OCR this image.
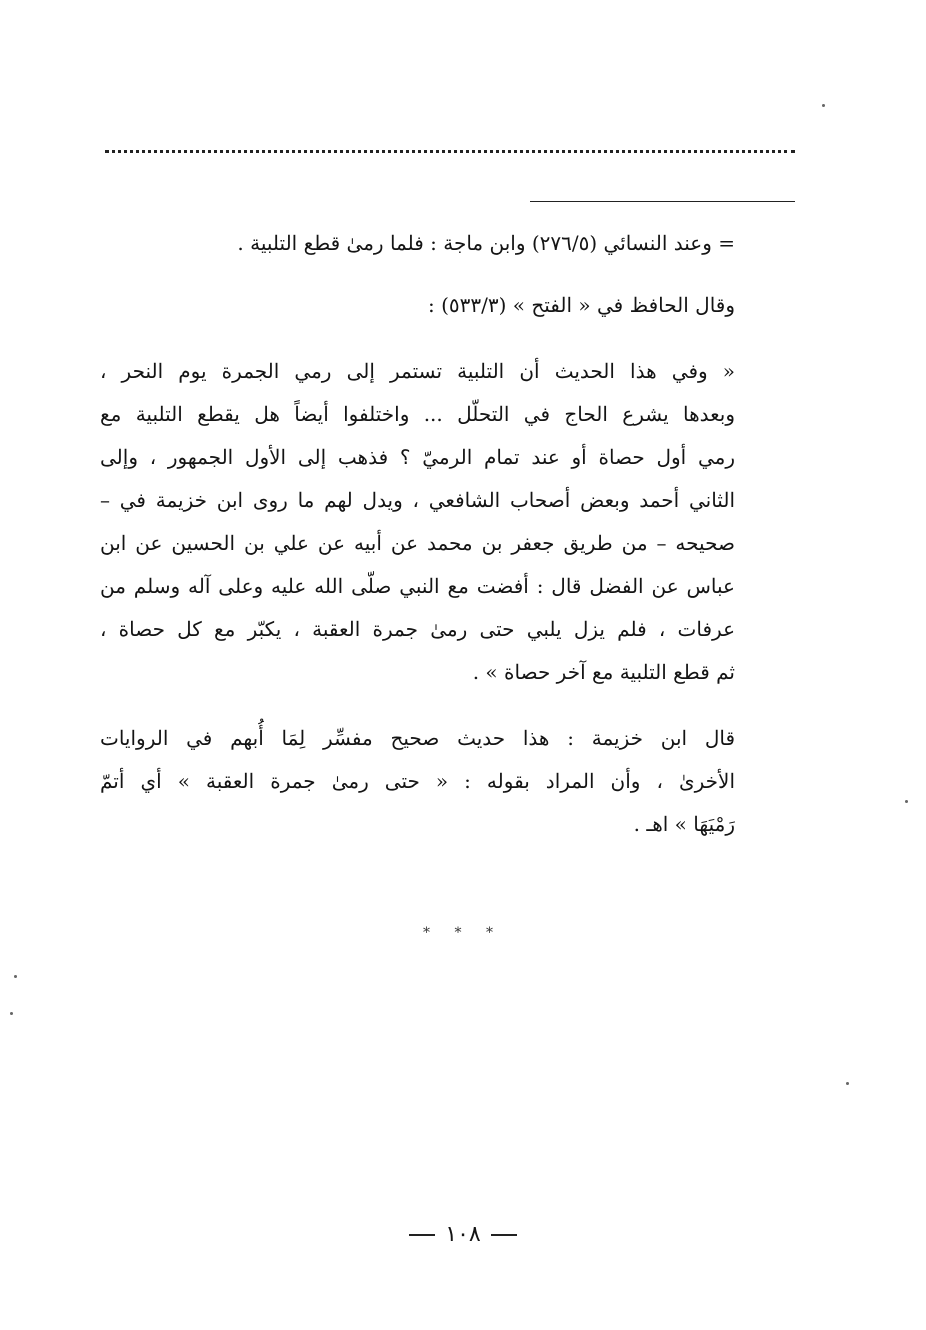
= وعند النسائي (٢٧٦/٥) وابن ماجة : فلما رمىٰ قطع التلبية .
وقال الحافظ في « الفتح » (٥٣٣/٣) :
« وفي هذا الحديث أن التلبية تستمر إلى رمي الجمرة يوم النحر ،
وبعدها يشرع الحاج في التحلّل ... واختلفوا أيضاً هل يقطع التلبية مع
رمي أول حصاة أو عند تمام الرميّ ؟ فذهب إلى الأول الجمهور ، وإلى
الثاني أحمد وبعض أصحاب الشافعي ، ويدل لهم ما روى ابن خزيمة في –
صحيحه – من طريق جعفر بن محمد عن أبيه عن علي بن الحسين عن ابن
عباس عن الفضل قال : أفضت مع النبي صلّى الله عليه وعلى آله وسلم من
عرفات ، فلم يزل يلبي حتى رمىٰ جمرة العقبة ، يكبّر مع كل حصاة ،
ثم قطع التلبية مع آخر حصاة » .
قال ابن خزيمة : هذا حديث صحيح مفسِّر لِمَا أُبهم في الروايات
الأخرىٰ ، وأن المراد بقوله : « حتى رمىٰ جمرة العقبة » أي أتمّ
رَمْيَهَا » اهـ .
* * *
١٠٨
